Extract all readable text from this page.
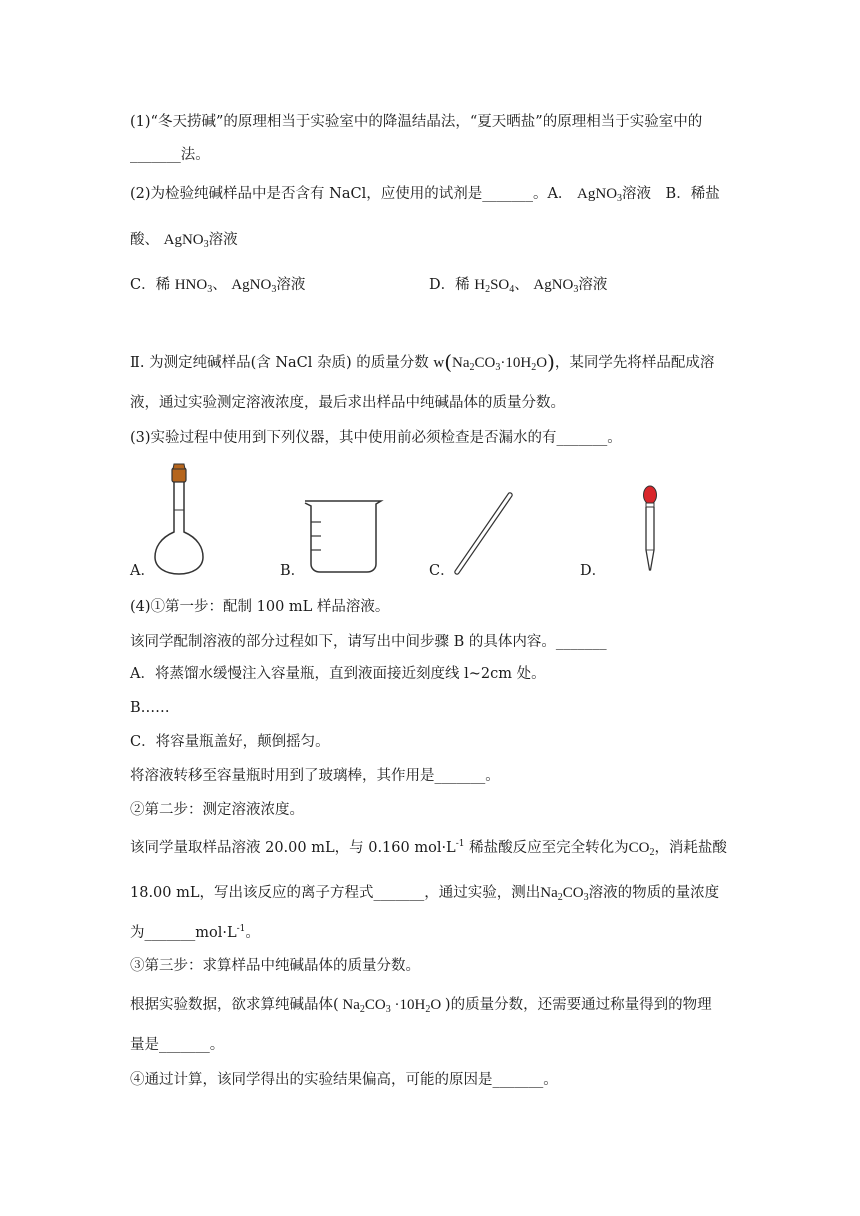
(1)“冬天捞碱”的原理相当于实验室中的降温结晶法，“夏天晒盐”的原理相当于实验室中的
_______法。
(2)为检验纯碱样品中是否含有 NaCl，应使用的试剂是_______。A． AgNO$_3$溶液　B．稀盐
酸、 AgNO$_3$溶液
C．稀 $HNO_3$、 AgNO$_3$溶液	D．稀 $H_2SO_4$、 AgNO$_3$溶液
Ⅱ. 为测定纯碱样品(含 NaCl 杂质) 的质量分数 $w(Na_2CO_3\cdot 10H_2O)$，某同学先将样品配成溶
液，通过实验测定溶液浓度，最后求出样品中纯碱晶体的质量分数。
(3)实验过程中使用到下列仪器，其中使用前必须检查是否漏水的有_______。
A．	B．	C．	D．
(4)①第一步：配制 100 mL 样品溶液。
该同学配制溶液的部分过程如下，请写出中间步骤 B 的具体内容。_______
A．将蒸馏水缓慢注入容量瓶，直到液面接近刻度线 l~2cm 处。
B……
C．将容量瓶盖好，颠倒摇匀。
将溶液转移至容量瓶时用到了玻璃棒，其作用是_______。
②第二步：测定溶液浓度。
该同学量取样品溶液 20.00 mL，与 0.160 $mol\cdot L^{-1}$ 稀盐酸反应至完全转化为$CO_2$，消耗盐酸
18.00 mL，写出该反应的离子方程式_______，通过实验，测出$Na_2CO_3$溶液的物质的量浓度
为$\_\_\_\_\_\_\_mol\cdot L^{-1}$。
③第三步：求算样品中纯碱晶体的质量分数。
根据实验数据，欲求算纯碱晶体( $Na_2CO_3 \cdot 10H_2O$ )的质量分数，还需要通过称量得到的物理
量是_______。
④通过计算，该同学得出的实验结果偏高，可能的原因是_______。
